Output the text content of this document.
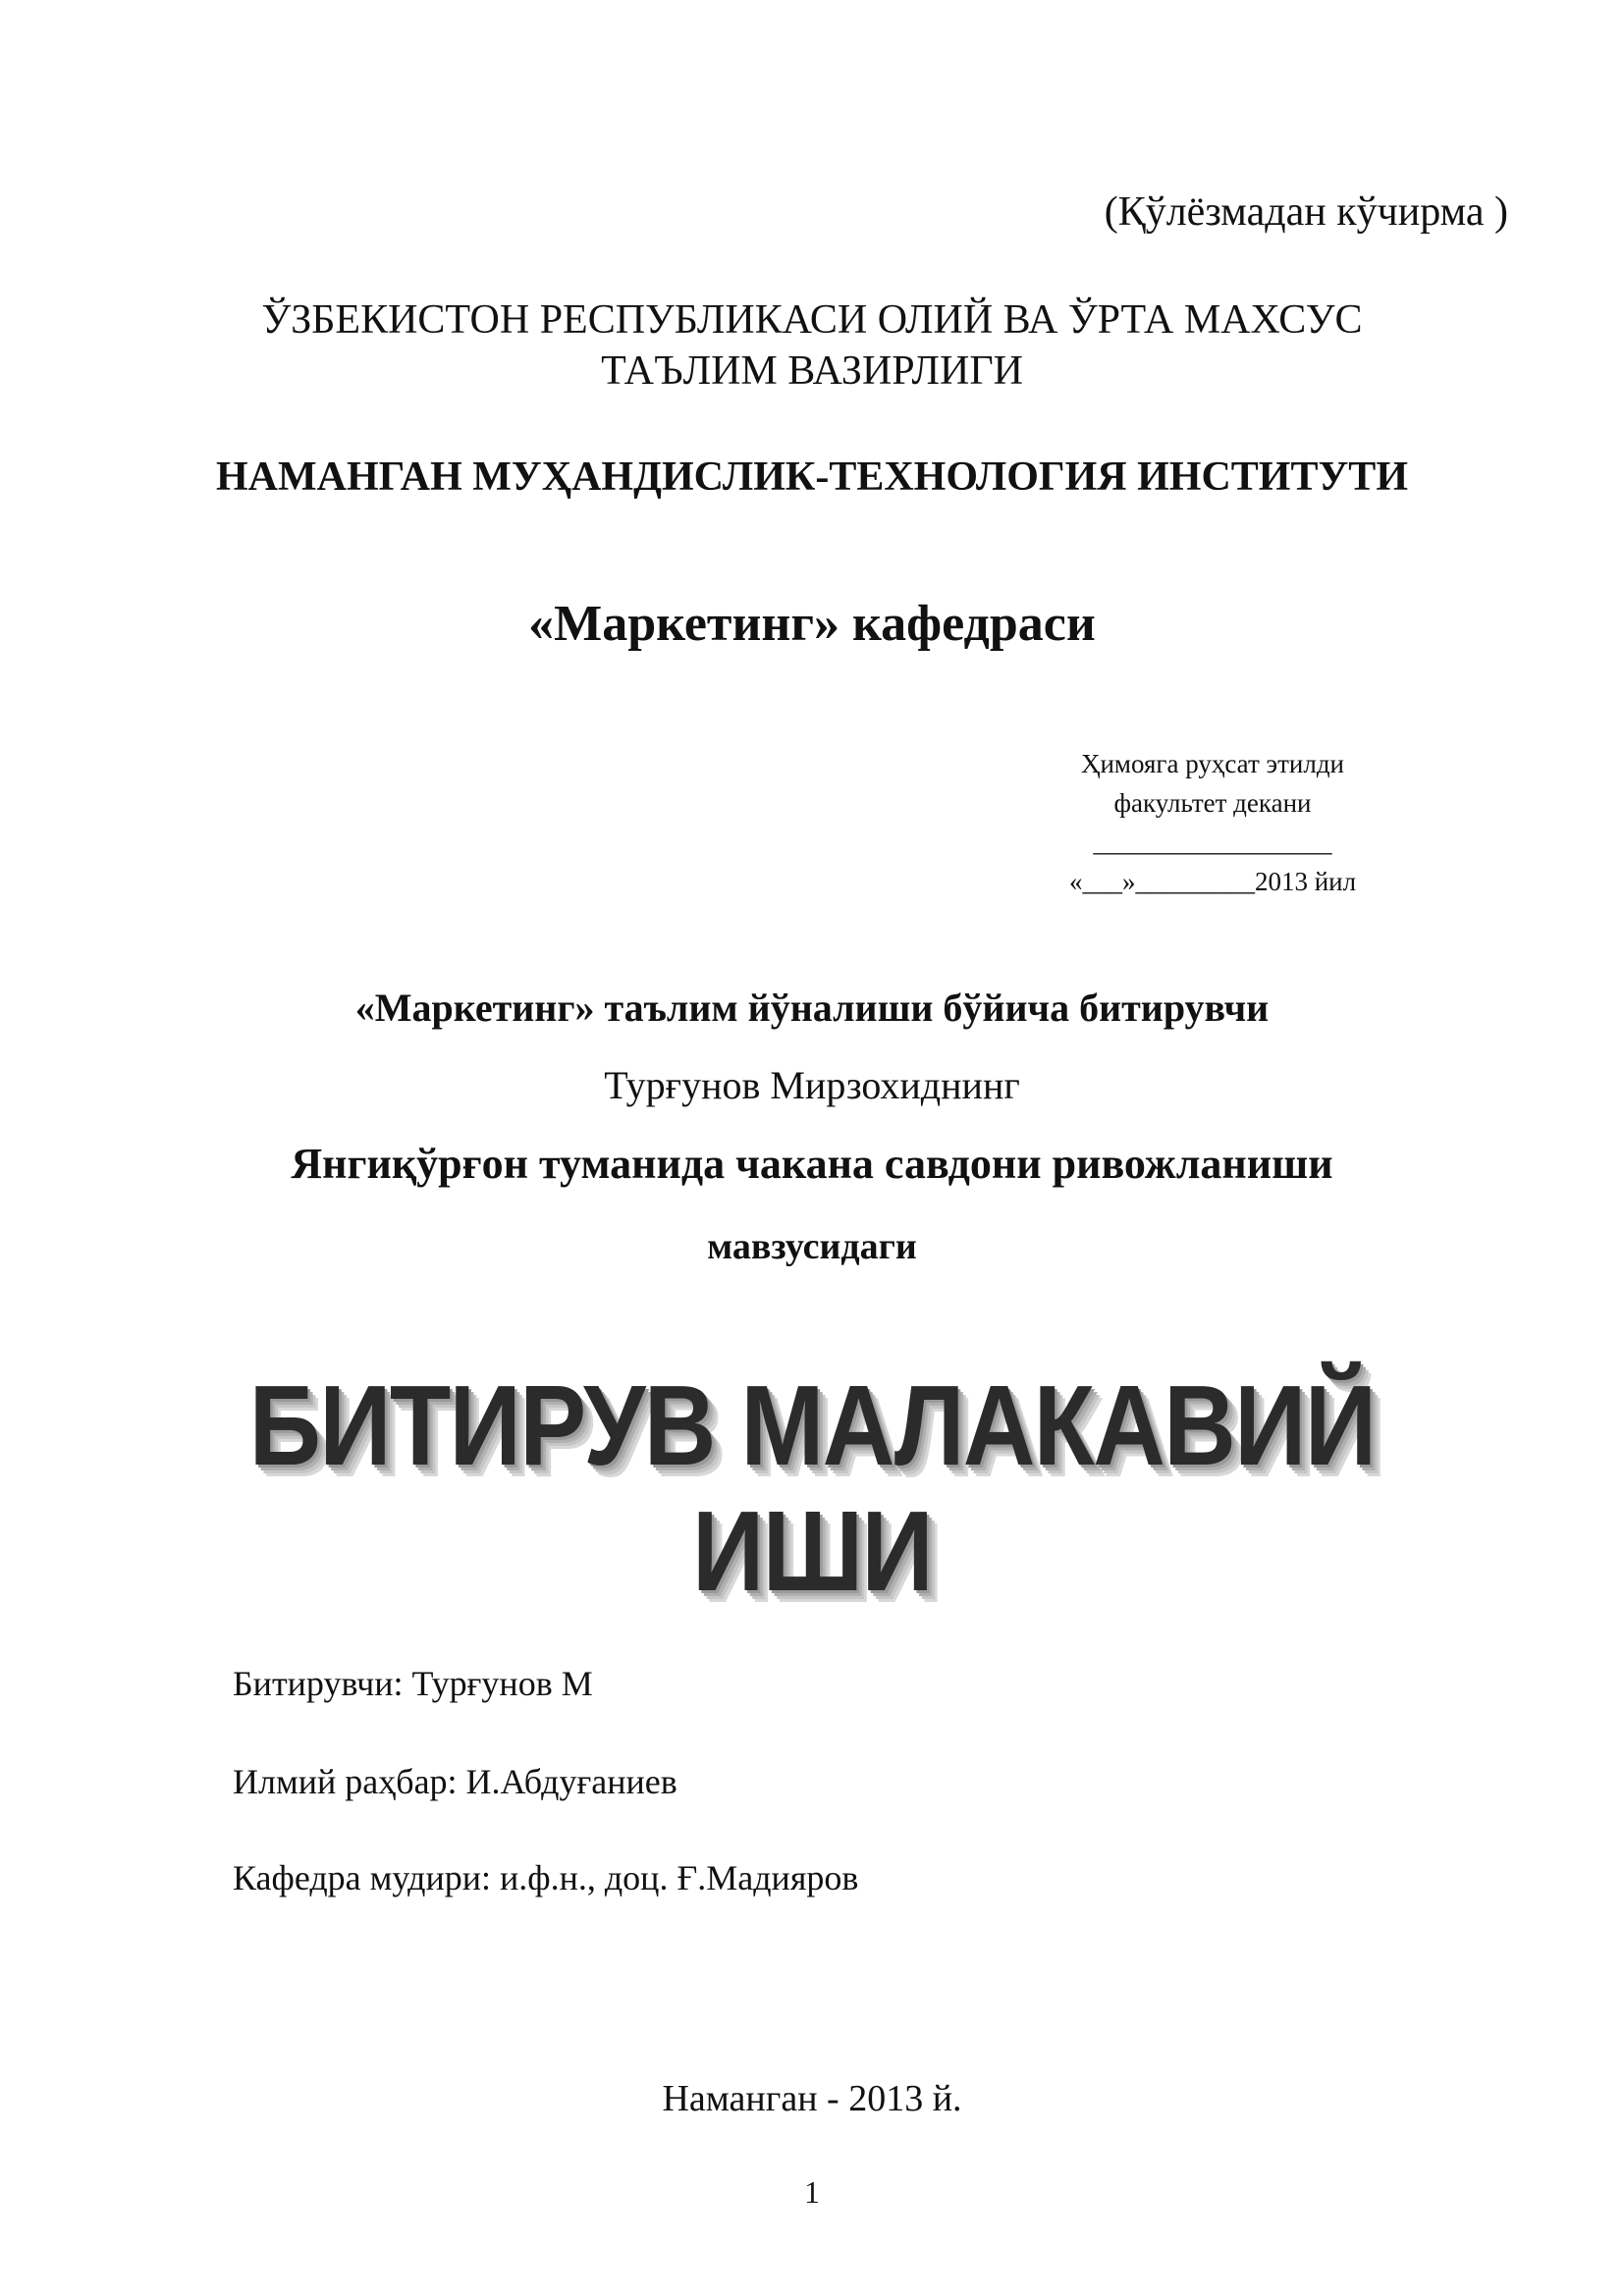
(Қўлёзмадан кўчирма )
ЎЗБЕКИСТОН РЕСПУБЛИКАСИ ОЛИЙ ВА ЎРТА МАХСУС
ТАЪЛИМ ВАЗИРЛИГИ
НАМАНГАН МУҲАНДИСЛИК-ТЕХНОЛОГИЯ ИНСТИТУТИ
«Маркетинг» кафедраси
Ҳимояга руҳсат этилди
факультет декани
__________________
«___»_________2013 йил
«Маркетинг» таълим йўналиши бўйича битирувчи
Турғунов Мирзохиднинг
Янгиқўрғон туманида чакана савдони ривожланиши
мавзусидаги
БИТИРУВ МАЛАКАВИЙ
ИШИ
Битирувчи: Турғунов М
Илмий раҳбар: И.Абдуғаниев
Кафедра мудири: и.ф.н., доц. Ғ.Мадияров
Наманган - 2013 й.
1
